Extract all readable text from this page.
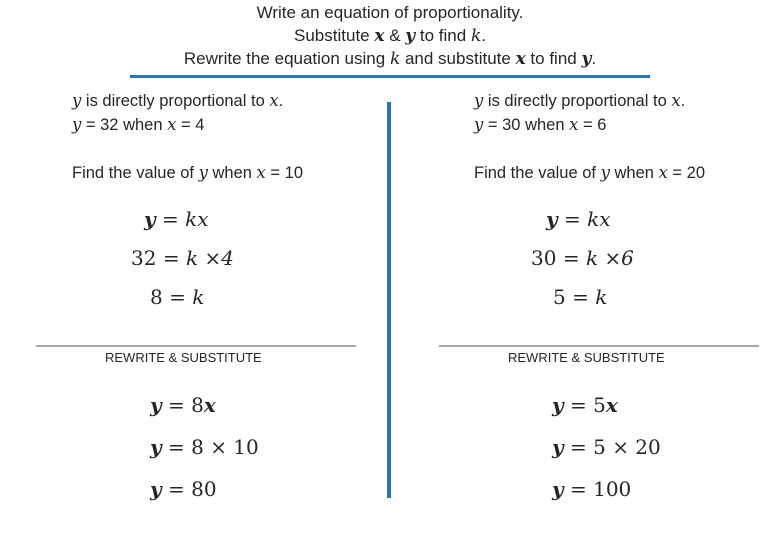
Write an equation of proportionality.
Substitute x & y to find k.
Rewrite the equation using k and substitute x to find y.
y is directly proportional to x.
y = 32 when x = 4
Find the value of y when x = 10
y = kx
32 = k ×4
8 = k
REWRITE & SUBSTITUTE
y = 8x
y = 8 × 10
y = 80
y is directly proportional to x.
y = 30 when x = 6
Find the value of y when x = 20
y = kx
30 = k ×6
5 = k
REWRITE & SUBSTITUTE
y = 5x
y = 5 × 20
y = 100
